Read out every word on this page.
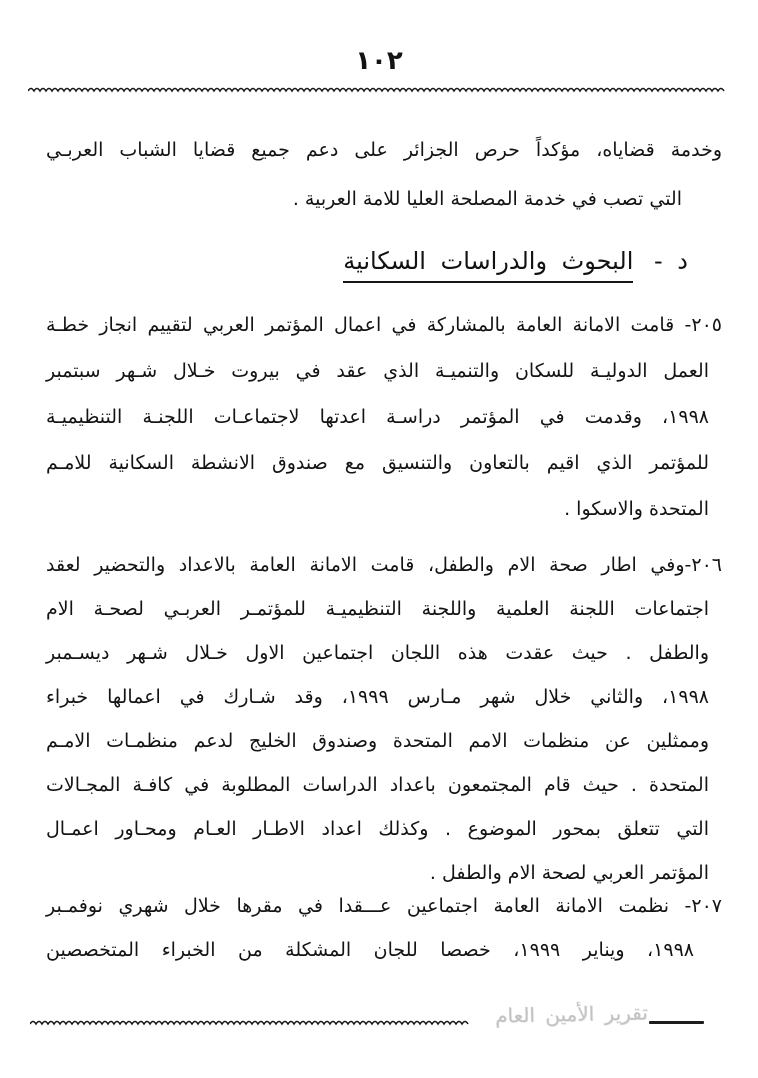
١٠٢
وخدمة قضاياه، مؤكداً حرص الجزائر على دعم جميع قضايا الشباب العربـي
التي تصب في خدمة المصلحة العليا للامة العربية .
د - البحوث والدراسات السكانية
٢٠٥- قامت الامانة العامة بالمشاركة في اعمال المؤتمر العربي لتقييم انجاز خطـة
العمل الدوليـة للسكان والتنميـة الذي عقد في بيروت خـلال شـهر سبتمبر
١٩٩٨، وقدمت في المؤتمر دراسـة اعدتها لاجتماعـات اللجنـة التنظيميـة
للمؤتمر الذي اقيم بالتعاون والتنسيق مع صندوق الانشطة السكانية للامـم
المتحدة والاسكوا .
٢٠٦-وفي اطار صحة الام والطفل، قامت الامانة العامة بالاعداد والتحضير لعقد
اجتماعات اللجنة العلمية واللجنة التنظيميـة للمؤتمـر العربـي لصحـة الام
والطفل . حيث عقدت هذه اللجان اجتماعين الاول خـلال شـهر ديسـمبر
١٩٩٨، والثاني خلال شهر مـارس ١٩٩٩، وقد شـارك في اعمالها خبراء
وممثلين عن منظمات الامم المتحدة وصندوق الخليج لدعم منظمـات الامـم
المتحدة . حيث قام المجتمعون باعداد الدراسات المطلوبة في كافـة المجـالات
التي تتعلق بمحور الموضوع . وكذلك اعداد الاطـار العـام ومحـاور اعمـال
المؤتمر العربي لصحة الام والطفل .
٢٠٧- نظمت الامانة العامة اجتماعين عـــقدا في مقرها خلال شهري نوفمـبر
١٩٩٨، ويناير ١٩٩٩، خصصا للجان المشكلة من الخبراء المتخصصين
تقرير الأمين العام
